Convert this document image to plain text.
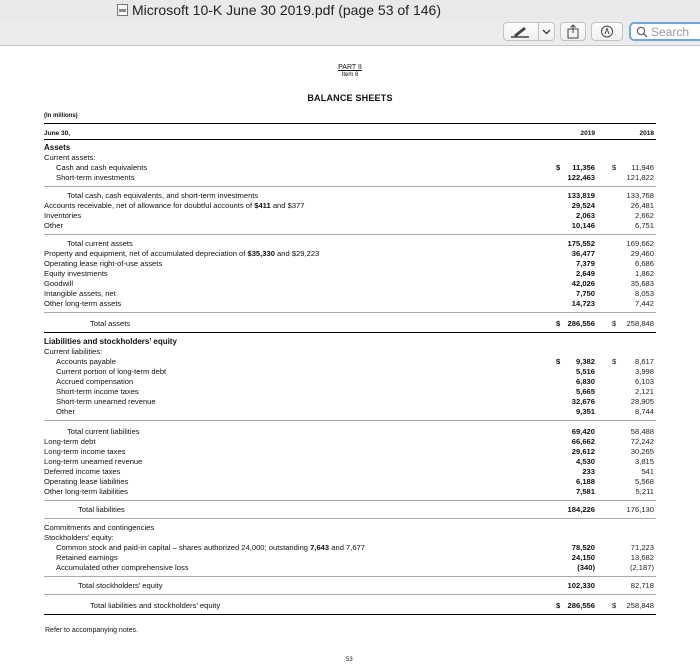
Microsoft 10-K June 30 2019.pdf (page 53 of 146)
Search
PART II
Item 8
BALANCE SHEETS
(In millions)
June 30,	2019	2018
Assets
Current assets:
Cash and cash equivalents	$ 11,356 $ 11,946
Short-term investments	122,463	121,822
Total cash, cash equivalents, and short-term investments	133,819	133,768
Accounts receivable, net of allowance for doubtful accounts of $411 and $377	29,524	26,481
Inventories	2,063	2,662
Other	10,146	6,751
Total current assets	175,552	169,662
Property and equipment, net of accumulated depreciation of $35,330 and $29,223	36,477	29,460
Operating lease right-of-use assets	7,379	6,686
Equity investments	2,649	1,862
Goodwill	42,026	35,683
Intangible assets, net	7,750	8,053
Other long-term assets	14,723	7,442
Total assets	$ 286,556 $ 258,848
Liabilities and stockholders’ equity
Current liabilities:
Accounts payable	$ 9,382 $ 8,617
Current portion of long-term debt	5,516	3,998
Accrued compensation	6,830	6,103
Short-term income taxes	5,665	2,121
Short-term unearned revenue	32,676	28,905
Other	9,351	8,744
Total current liabilities	69,420	58,488
Long-term debt	66,662	72,242
Long-term income taxes	29,612	30,265
Long-term unearned revenue	4,530	3,815
Deferred income taxes	233	541
Operating lease liabilities	6,188	5,568
Other long-term liabilities	7,581	5,211
Total liabilities	184,226	176,130
Commitments and contingencies
Stockholders’ equity:
Common stock and paid-in capital – shares authorized 24,000; outstanding 7,643 and 7,677	78,520	71,223
Retained earnings	24,150	13,682
Accumulated other comprehensive loss	(340)	(2,187)
Total stockholders’ equity	102,330	82,718
Total liabilities and stockholders’ equity	$ 286,556 $ 258,848
Refer to accompanying notes.
53
